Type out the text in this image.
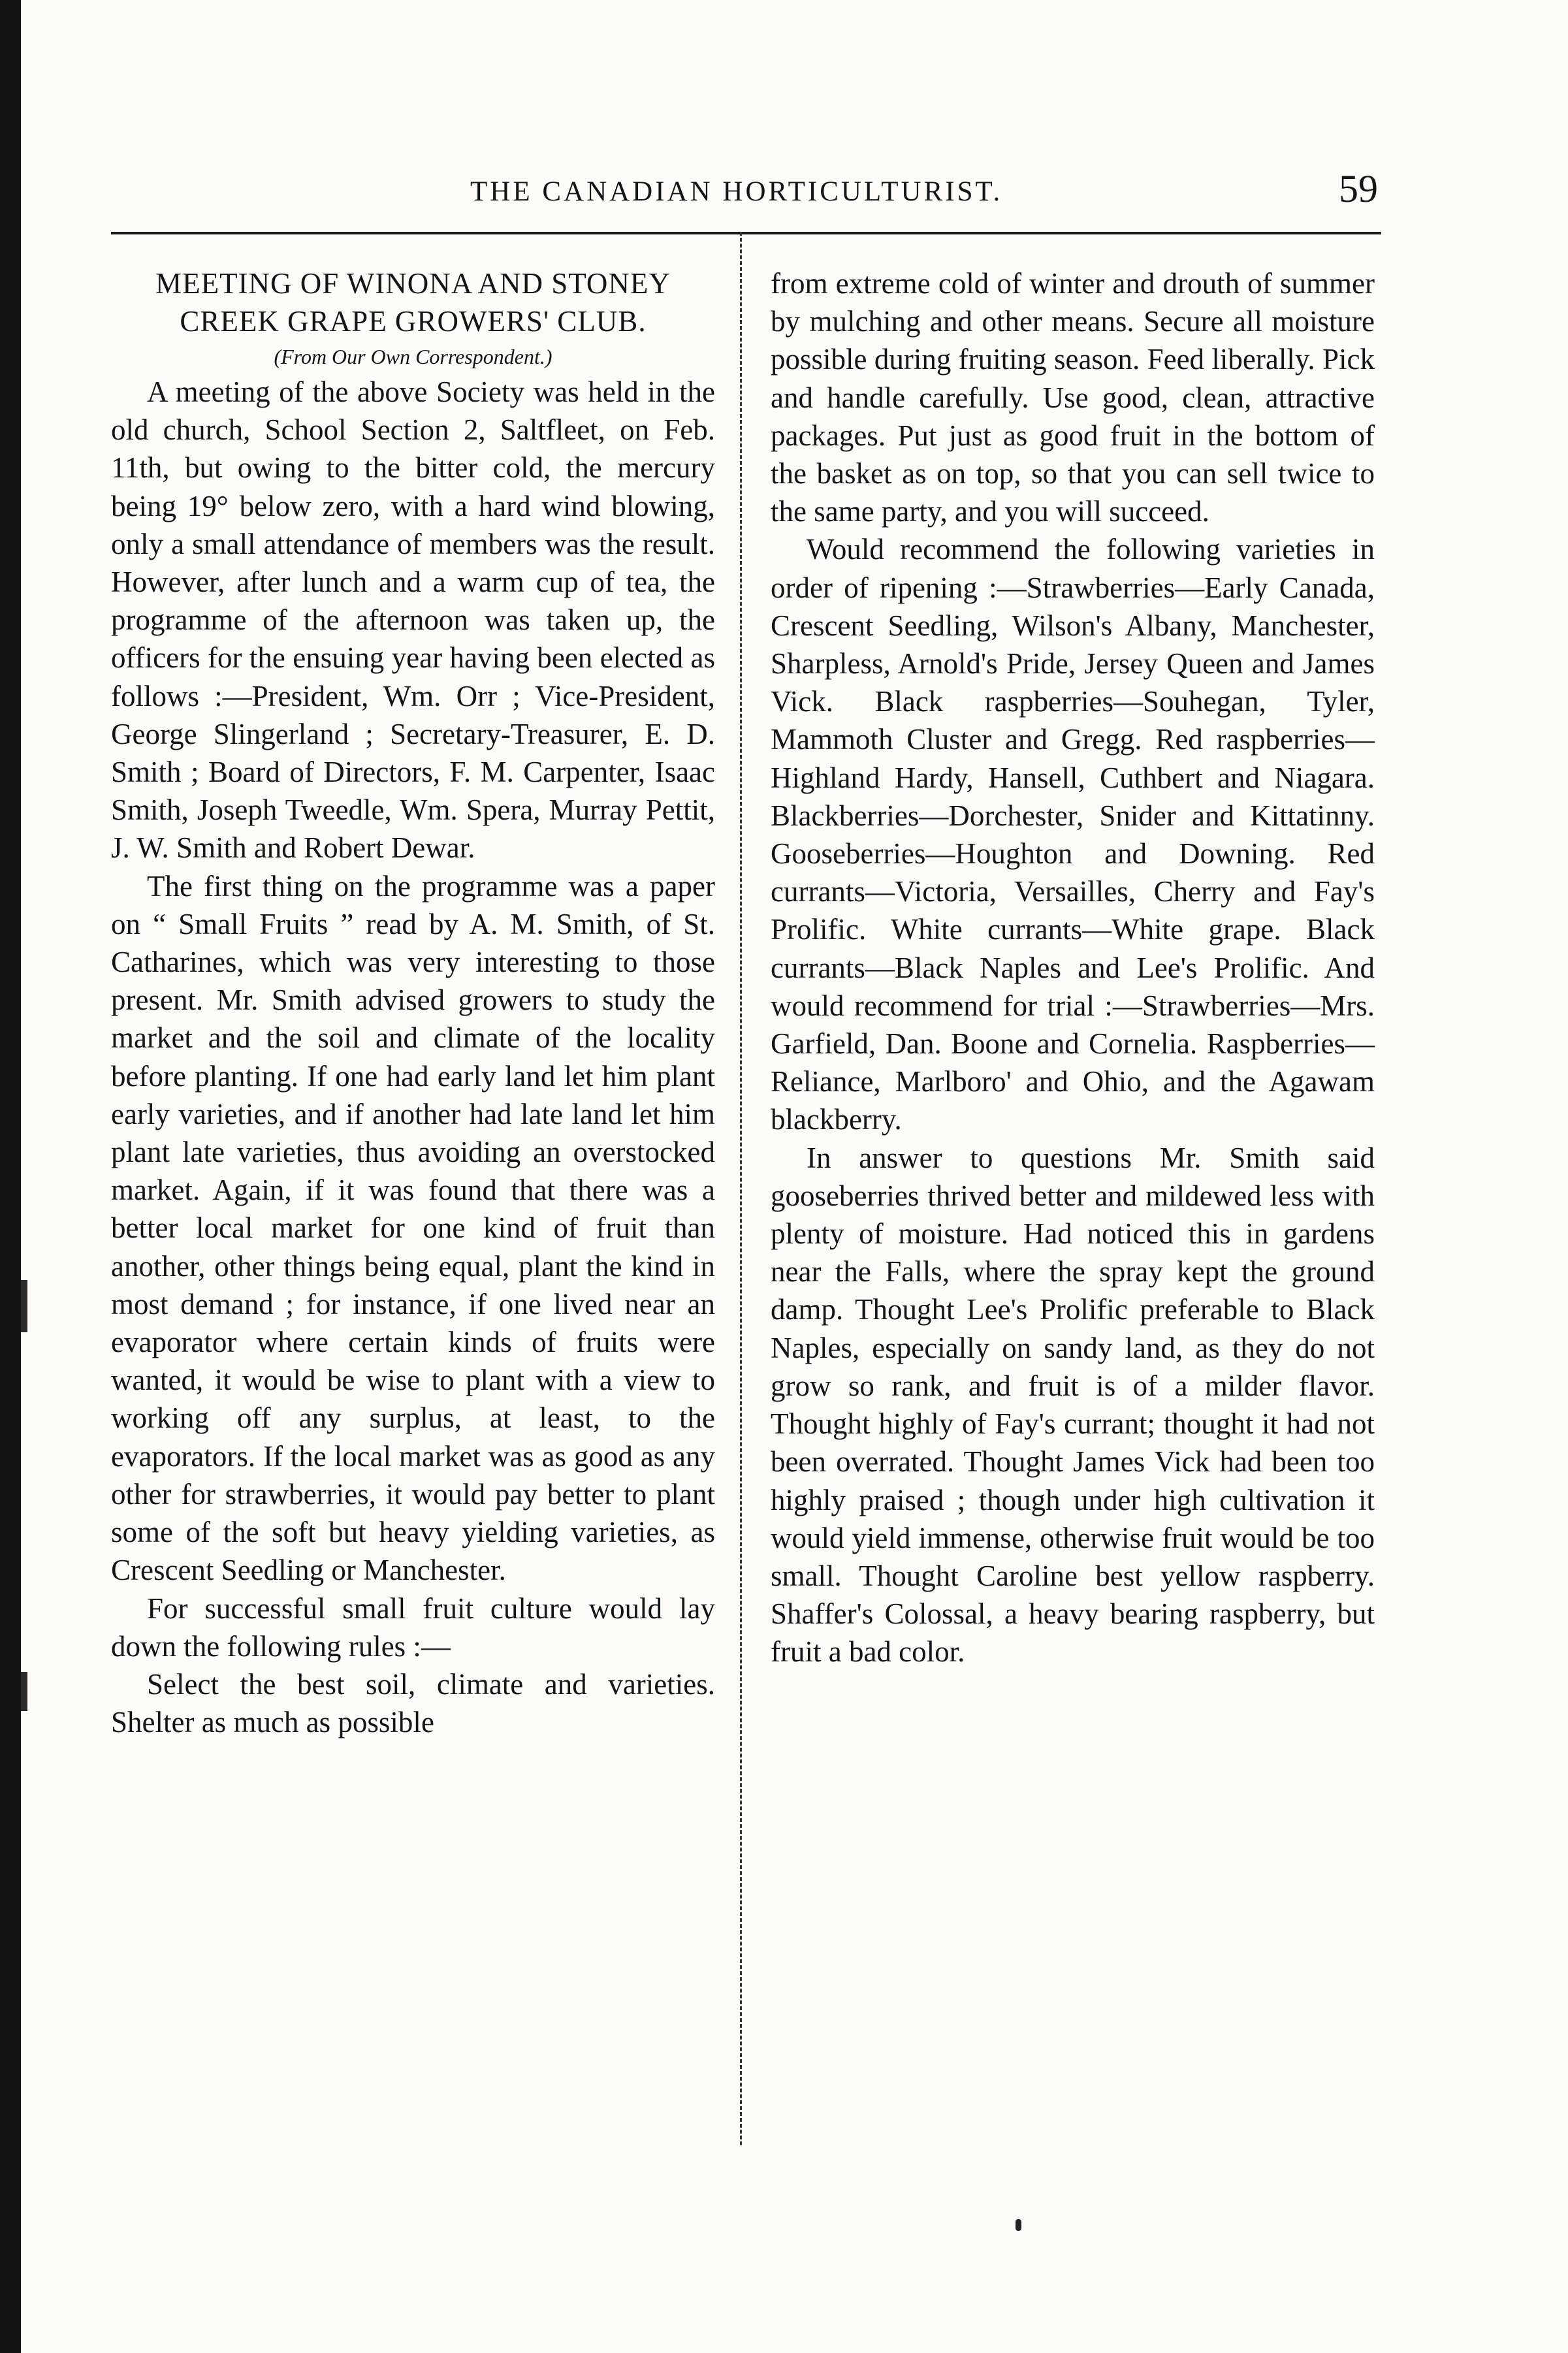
THE CANADIAN HORTICULTURIST.	59
MEETING OF WINONA AND STONEY
CREEK GRAPE GROWERS' CLUB.
(From Our Own Correspondent.)

A meeting of the above Society was held in the old church, School Section 2, Saltfleet, on Feb. 11th, but owing to the bitter cold, the mercury being 19° below zero, with a hard wind blowing, only a small attendance of members was the result. However, after lunch and a warm cup of tea, the programme of the afternoon was taken up, the officers for the ensuing year having been elected as follows :—President, Wm. Orr ; Vice-President, George Slingerland ; Secretary-Treasurer, E. D. Smith ; Board of Directors, F. M. Carpenter, Isaac Smith, Joseph Tweedle, Wm. Spera, Murray Pettit, J. W. Smith and Robert Dewar.

The first thing on the programme was a paper on “ Small Fruits ” read by A. M. Smith, of St. Catharines, which was very interesting to those present. Mr. Smith advised growers to study the market and the soil and climate of the locality before planting. If one had early land let him plant early varieties, and if another had late land let him plant late varieties, thus avoiding an overstocked market. Again, if it was found that there was a better local market for one kind of fruit than another, other things being equal, plant the kind in most demand ; for instance, if one lived near an evaporator where certain kinds of fruits were wanted, it would be wise to plant with a view to working off any surplus, at least, to the evaporators. If the local market was as good as any other for strawberries, it would pay better to plant some of the soft but heavy yielding varieties, as Crescent Seedling or Manchester.

For successful small fruit culture would lay down the following rules :—

Select the best soil, climate and varieties. Shelter as much as possible

from extreme cold of winter and drouth of summer by mulching and other means. Secure all moisture possible during fruiting season. Feed liberally. Pick and handle carefully. Use good, clean, attractive packages. Put just as good fruit in the bottom of the basket as on top, so that you can sell twice to the same party, and you will succeed.

Would recommend the following varieties in order of ripening :—Strawberries—Early Canada, Crescent Seedling, Wilson's Albany, Manchester, Sharpless, Arnold's Pride, Jersey Queen and James Vick. Black raspberries—Souhegan, Tyler, Mammoth Cluster and Gregg. Red raspberries—Highland Hardy, Hansell, Cuthbert and Niagara. Blackberries—Dorchester, Snider and Kittatinny. Gooseberries—Houghton and Downing. Red currants—Victoria, Versailles, Cherry and Fay's Prolific. White currants—White grape. Black currants—Black Naples and Lee's Prolific. And would recommend for trial :—Strawberries—Mrs. Garfield, Dan. Boone and Cornelia. Raspberries—Reliance, Marlboro' and Ohio, and the Agawam blackberry.

In answer to questions Mr. Smith said gooseberries thrived better and mildewed less with plenty of moisture. Had noticed this in gardens near the Falls, where the spray kept the ground damp. Thought Lee's Prolific preferable to Black Naples, especially on sandy land, as they do not grow so rank, and fruit is of a milder flavor. Thought highly of Fay's currant; thought it had not been overrated. Thought James Vick had been too highly praised ; though under high cultivation it would yield immense, otherwise fruit would be too small. Thought Caroline best yellow raspberry. Shaffer's Colossal, a heavy bearing raspberry, but fruit a bad color.
